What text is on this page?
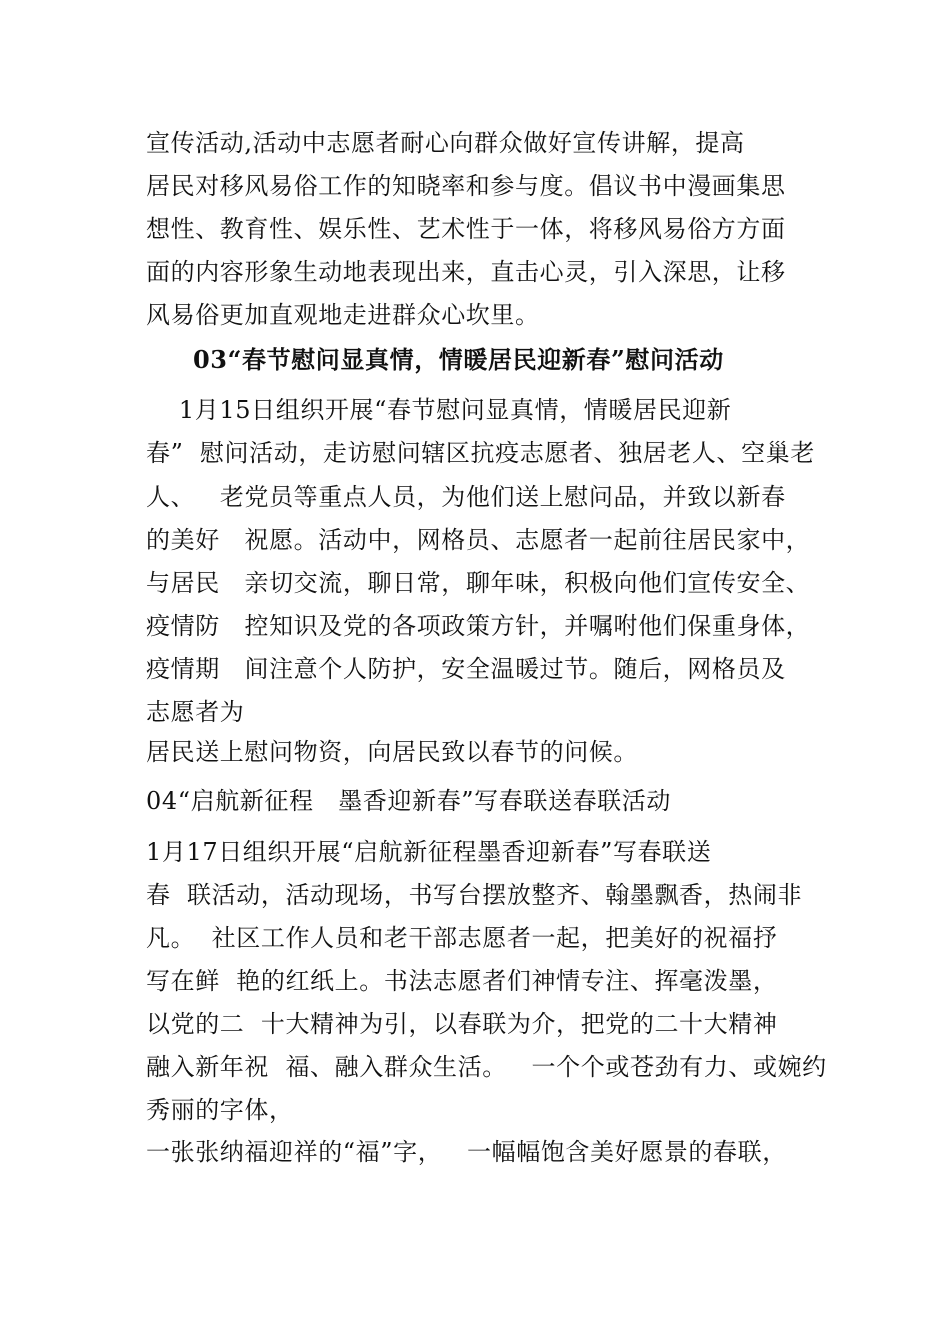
宣传活动,活动中志愿者耐心向群众做好宣传讲解，提高
居民对移风易俗工作的知晓率和参与度。倡议书中漫画集思
想性、教育性、娱乐性、艺术性于一体，将移风易俗方方面
面的内容形象生动地表现出来，直击心灵，引入深思，让移
风易俗更加直观地走进群众心坎里。
03“春节慰问显真情，情暖居民迎新春”慰问活动
1月15日组织开展“春节慰问显真情，情暖居民迎新
春”  慰问活动，走访慰问辖区抗疫志愿者、独居老人、空巢老
人、   老党员等重点人员，为他们送上慰问品，并致以新春
的美好   祝愿。活动中，网格员、志愿者一起前往居民家中，
与居民   亲切交流，聊日常，聊年味，积极向他们宣传安全、
疫情防   控知识及党的各项政策方针，并嘱咐他们保重身体，
疫情期   间注意个人防护，安全温暖过节。随后，网格员及
志愿者为
居民送上慰问物资，向居民致以春节的问候。
04“启航新征程   墨香迎新春”写春联送春联活动
1月17日组织开展“启航新征程墨香迎新春”写春联送
春  联活动，活动现场，书写台摆放整齐、翰墨飘香，热闹非
凡。  社区工作人员和老干部志愿者一起，把美好的祝福抒
写在鲜  艳的红纸上。书法志愿者们神情专注、挥毫泼墨，
以党的二  十大精神为引，以春联为介，把党的二十大精神
融入新年祝  福、融入群众生活。   一个个或苍劲有力、或婉约
秀丽的字体，
一张张纳福迎祥的“福”字，   一幅幅饱含美好愿景的春联，
